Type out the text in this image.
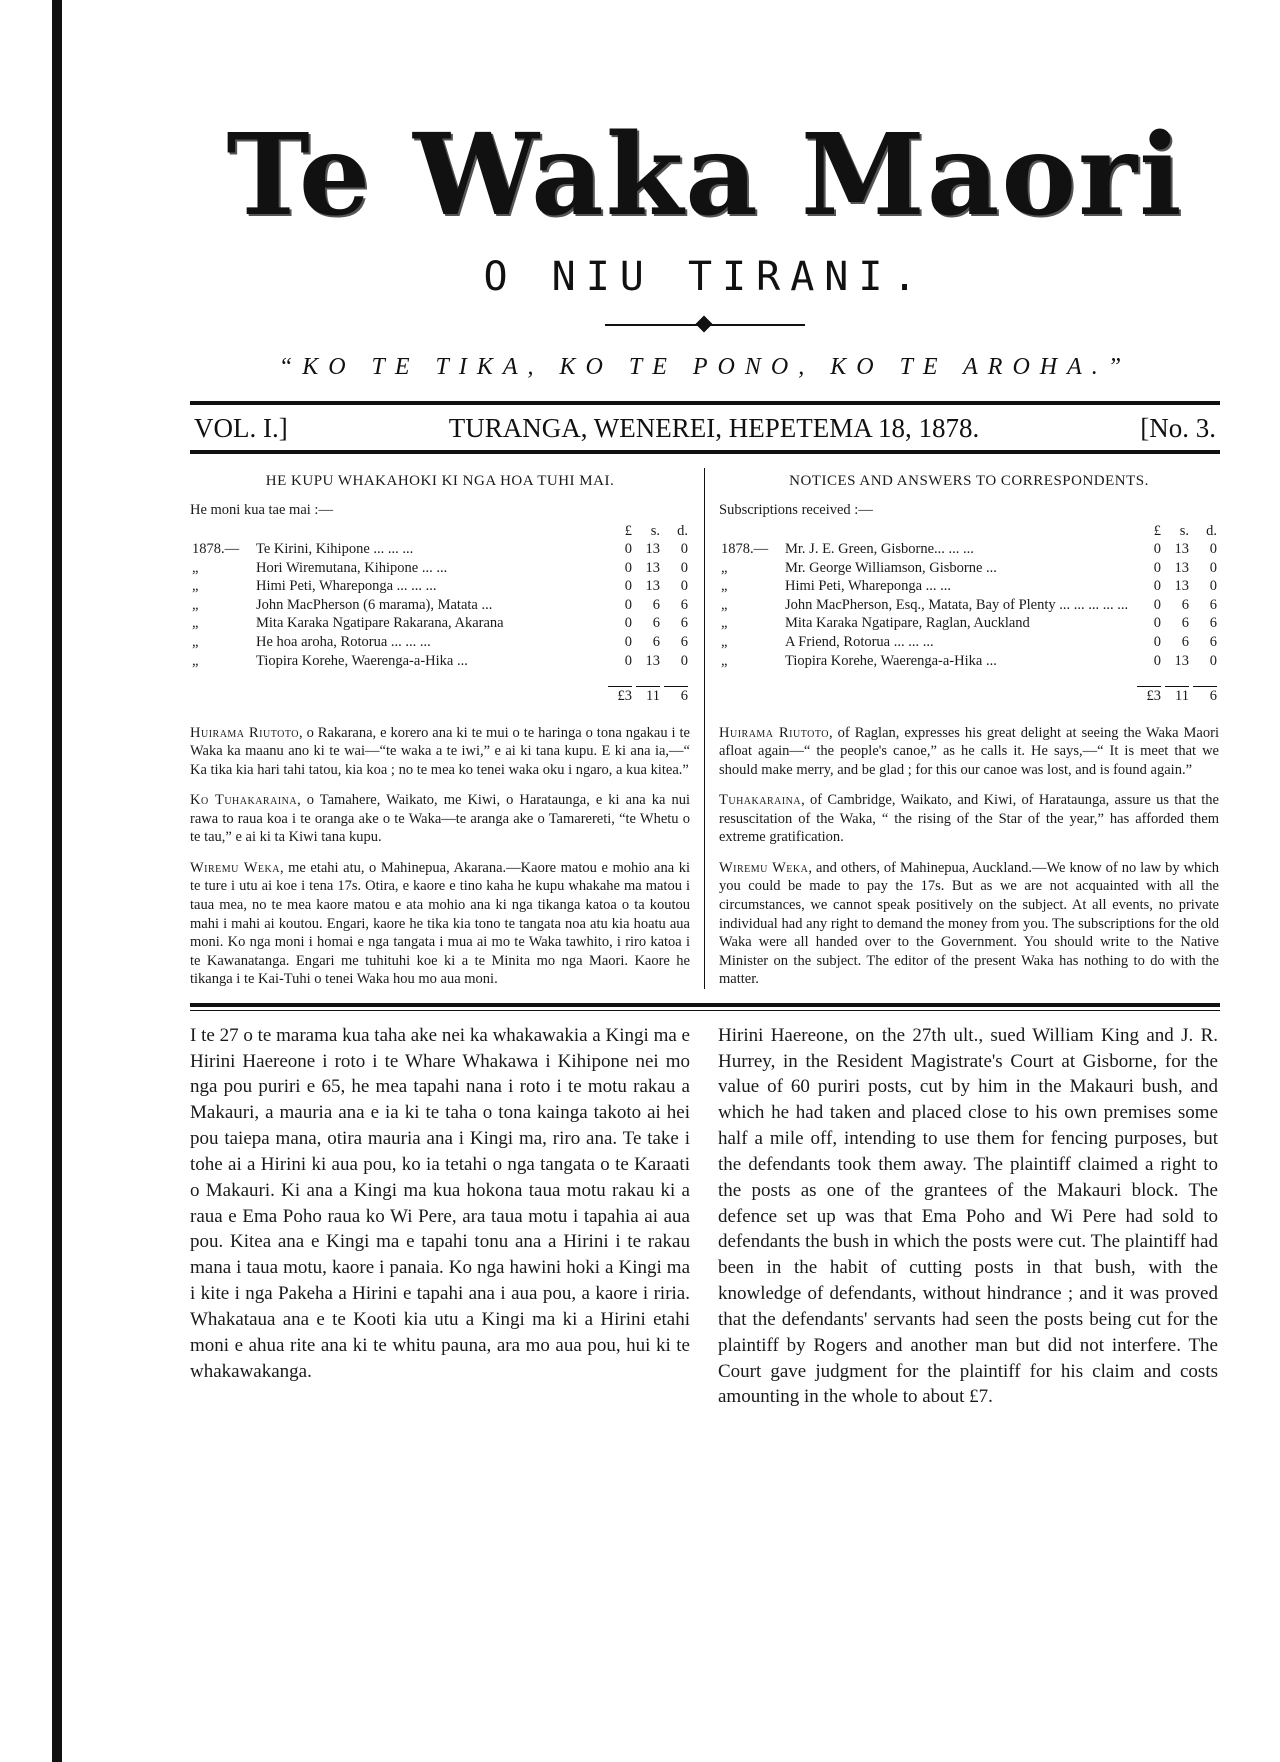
Te Waka Maori
O NIU TIRANI.
“KO TE TIKA, KO TE PONO, KO TE AROHA.”
VOL. I.]	TURANGA, WENEREI, HEPETEMA 18, 1878.	[No. 3.
HE KUPU WHAKAHOKI KI NGA HOA TUHI MAI.

He moni kua tae mai :—

		£	s.	d.
1878.—	Te Kirini, Kihipone ... ... ...	0	13	0
„	Hori Wiremutana, Kihipone ... ...	0	13	0
„	Himi Peti, Whareponga ... ... ...	0	13	0
„	John MacPherson (6 marama), Matata ...	0	6	6
„	Mita Karaka Ngatipare Rakarana, Akarana	0	6	6
„	He hoa aroha, Rotorua ... ... ...	0	6	6
„	Tiopira Korehe, Waerenga-a-Hika ...	0	13	0

£3	11	6

Huirama Riutoto, o Rakarana, e korero ana ki te mui o te haringa o tona ngakau i te Waka ka maanu ano ki te wai—“te waka a te iwi,” e ai ki tana kupu. E ki ana ia,—“ Ka tika kia hari tahi tatou, kia koa ; no te mea ko tenei waka oku i ngaro, a kua kitea.”

Ko Tuhakaraina, o Tamahere, Waikato, me Kiwi, o Harataunga, e ki ana ka nui rawa to raua koa i te oranga ake o te Waka—te aranga ake o Tamarereti, “te Whetu o te tau,” e ai ki ta Kiwi tana kupu.

Wiremu Weka, me etahi atu, o Mahinepua, Akarana.—Kaore matou e mohio ana ki te ture i utu ai koe i tena 17s. Otira, e kaore e tino kaha he kupu whakahe ma matou i taua mea, no te mea kaore matou e ata mohio ana ki nga tikanga katoa o ta koutou mahi i mahi ai koutou. Engari, kaore he tika kia tono te tangata noa atu kia hoatu aua moni. Ko nga moni i homai e nga tangata i mua ai mo te Waka tawhito, i riro katoa i te Kawanatanga. Engari me tuhituhi koe ki a te Minita mo nga Maori. Kaore he tikanga i te Kai-Tuhi o tenei Waka hou mo aua moni.

NOTICES AND ANSWERS TO CORRESPONDENTS.

Subscriptions received :—

		£	s.	d.
1878.—	Mr. J. E. Green, Gisborne... ... ...	0	13	0
„	Mr. George Williamson, Gisborne ...	0	13	0
„	Himi Peti, Whareponga ... ...	0	13	0
„	John MacPherson, Esq., Matata, Bay of Plenty ... ... ... ... ...	0	6	6
„	Mita Karaka Ngatipare, Raglan, Auckland	0	6	6
„	A Friend, Rotorua ... ... ...	0	6	6
„	Tiopira Korehe, Waerenga-a-Hika ...	0	13	0

£3	11	6

Huirama Riutoto, of Raglan, expresses his great delight at seeing the Waka Maori afloat again—“ the people's canoe,” as he calls it. He says,—“ It is meet that we should make merry, and be glad ; for this our canoe was lost, and is found again.”

Tuhakaraina, of Cambridge, Waikato, and Kiwi, of Harataunga, assure us that the resuscitation of the Waka, “ the rising of the Star of the year,” has afforded them extreme gratification.

Wiremu Weka, and others, of Mahinepua, Auckland.—We know of no law by which you could be made to pay the 17s. But as we are not acquainted with all the circumstances, we cannot speak positively on the subject. At all events, no private individual had any right to demand the money from you. The subscriptions for the old Waka were all handed over to the Government. You should write to the Native Minister on the subject. The editor of the present Waka has nothing to do with the matter.

I te 27 o te marama kua taha ake nei ka whakawakia a Kingi ma e Hirini Haereone i roto i te Whare Whakawa i Kihipone nei mo nga pou puriri e 65, he mea tapahi nana i roto i te motu rakau a Makauri, a mauria ana e ia ki te taha o tona kainga takoto ai hei pou taiepa mana, otira mauria ana i Kingi ma, riro ana. Te take i tohe ai a Hirini ki aua pou, ko ia tetahi o nga tangata o te Karaati o Makauri. Ki ana a Kingi ma kua hokona taua motu rakau ki a raua e Ema Poho raua ko Wi Pere, ara taua motu i tapahia ai aua pou. Kitea ana e Kingi ma e tapahi tonu ana a Hirini i te rakau mana i taua motu, kaore i panaia. Ko nga hawini hoki a Kingi ma i kite i nga Pakeha a Hirini e tapahi ana i aua pou, a kaore i riria. Whakatauа ana e te Kooti kia utu a Kingi ma ki a Hirini etahi moni e ahua rite ana ki te whitu pauna, ara mo aua pou, hui ki te whakawakanga.
Hirini Haereone, on the 27th ult., sued William King and J. R. Hurrey, in the Resident Magistrate's Court at Gisborne, for the value of 60 puriri posts, cut by him in the Makauri bush, and which he had taken and placed close to his own premises some half a mile off, intending to use them for fencing purposes, but the defendants took them away. The plaintiff claimed a right to the posts as one of the grantees of the Makauri block. The defence set up was that Ema Poho and Wi Pere had sold to defendants the bush in which the posts were cut. The plaintiff had been in the habit of cutting posts in that bush, with the knowledge of defendants, without hindrance ; and it was proved that the defendants' servants had seen the posts being cut for the plaintiff by Rogers and another man but did not interfere. The Court gave judgment for the plaintiff for his claim and costs amounting in the whole to about £7.
